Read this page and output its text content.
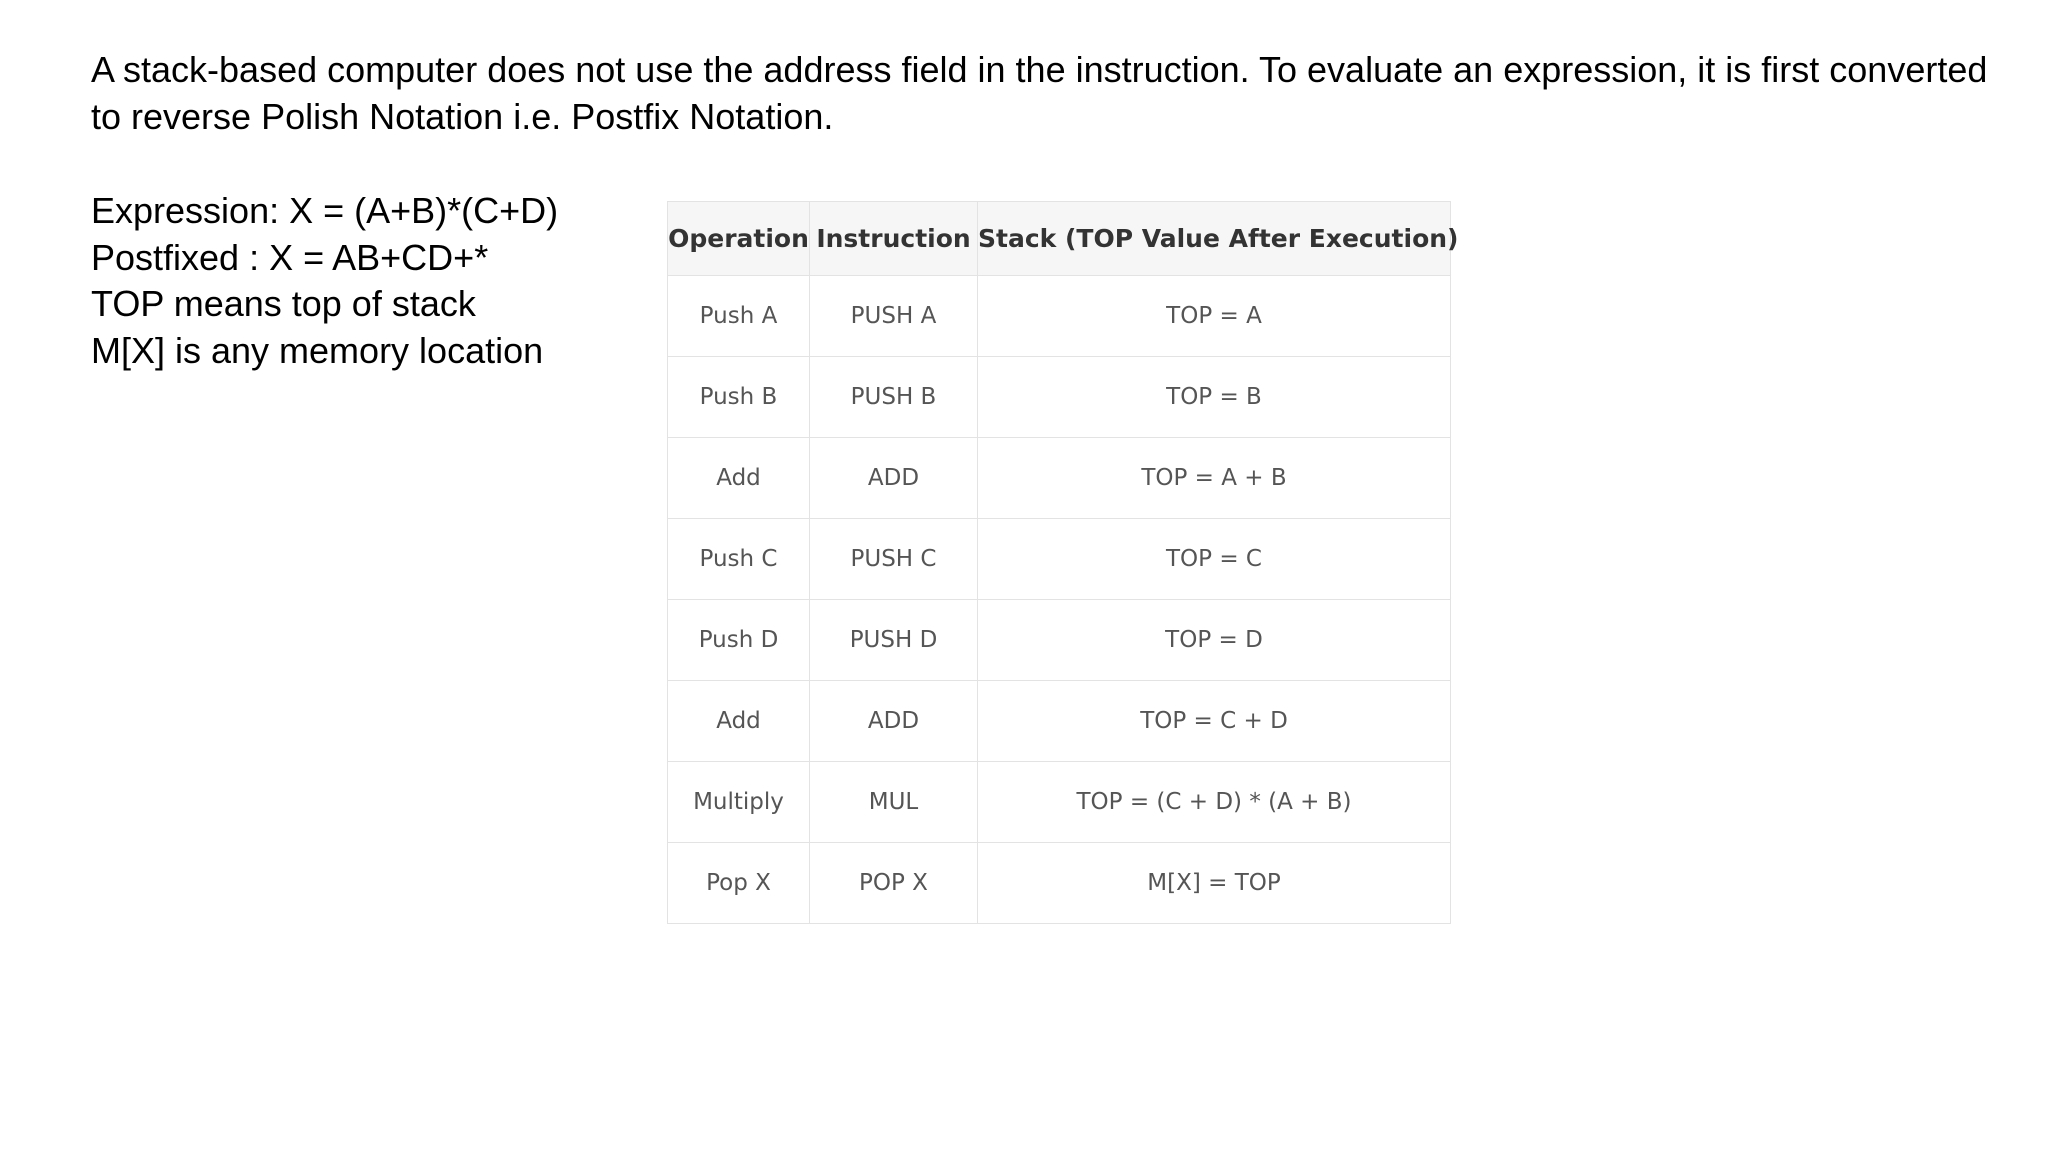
A stack-based computer does not use the address field in the instruction. To evaluate an expression, it is first converted
to reverse Polish Notation i.e. Postfix Notation.
Expression: X = (A+B)*(C+D)
Postfixed : X = AB+CD+*
TOP means top of stack
M[X] is any memory location
Operation	Instruction	Stack (TOP Value After Execution)
Push A	PUSH A	TOP = A
Push B	PUSH B	TOP = B
Add	ADD	TOP = A + B
Push C	PUSH C	TOP = C
Push D	PUSH D	TOP = D
Add	ADD	TOP = C + D
Multiply	MUL	TOP = (C + D) * (A + B)
Pop X	POP X	M[X] = TOP
